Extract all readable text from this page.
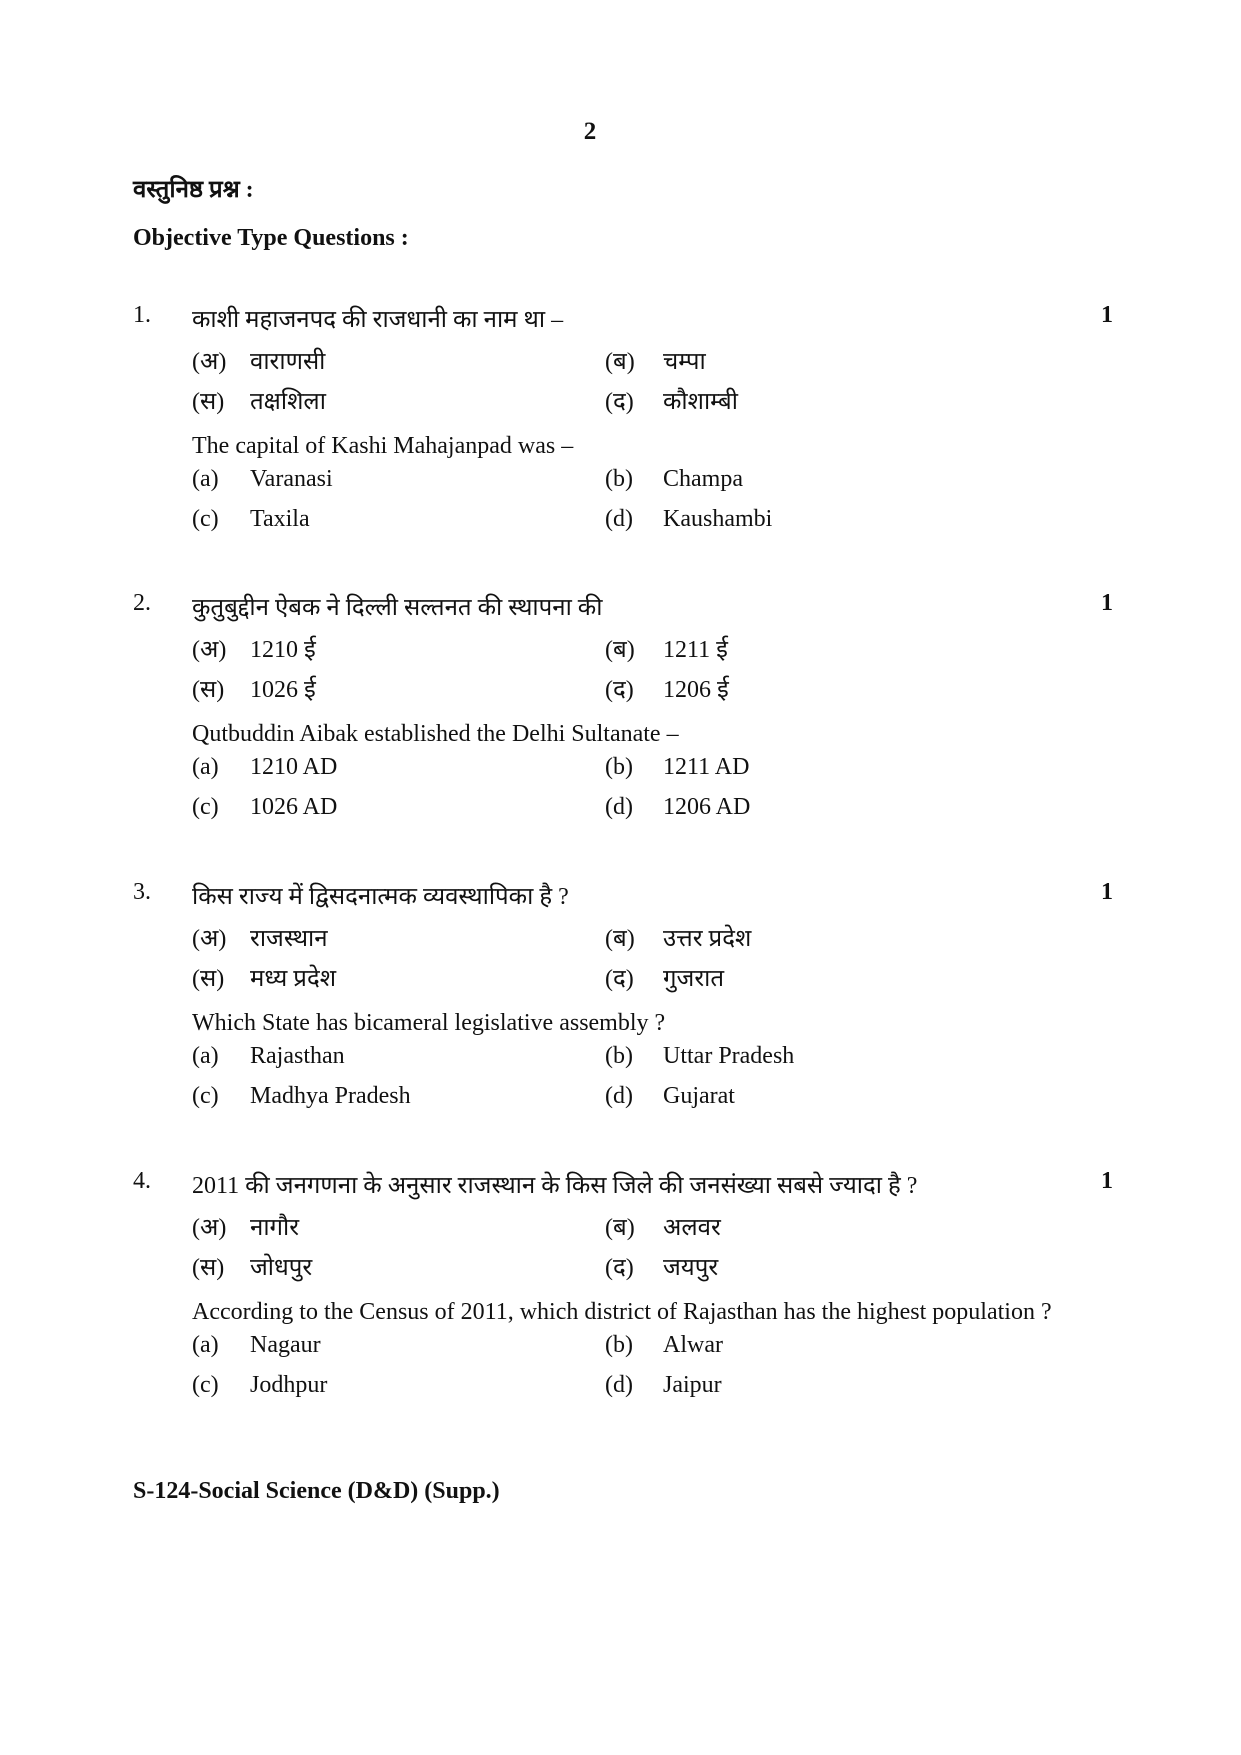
2
वस्तुनिष्ठ प्रश्न :
Objective Type Questions :
1. काशी महाजनपद की राजधानी का नाम था –	1
(अ) वाराणसी	(ब) चम्पा
(स) तक्षशिला	(द) कौशाम्बी
The capital of Kashi Mahajanpad was –
(a) Varanasi	(b) Champa
(c) Taxila	(d) Kaushambi
2. कुतुबुद्दीन ऐबक ने दिल्ली सल्तनत की स्थापना की	1
(अ) 1210 ई	(ब) 1211 ई
(स) 1026 ई	(द) 1206 ई
Qutbuddin Aibak established the Delhi Sultanate –
(a) 1210 AD	(b) 1211 AD
(c) 1026 AD	(d) 1206 AD
3. किस राज्य में द्विसदनात्मक व्यवस्थापिका है ?	1
(अ) राजस्थान	(ब) उत्तर प्रदेश
(स) मध्य प्रदेश	(द) गुजरात
Which State has bicameral legislative assembly ?
(a) Rajasthan	(b) Uttar Pradesh
(c) Madhya Pradesh	(d) Gujarat
4. 2011 की जनगणना के अनुसार राजस्थान के किस जिले की जनसंख्या सबसे ज्यादा है ?	1
(अ) नागौर	(ब) अलवर
(स) जोधपुर	(द) जयपुर
According to the Census of 2011, which district of Rajasthan has the highest population ?
(a) Nagaur	(b) Alwar
(c) Jodhpur	(d) Jaipur
S-124-Social Science (D&D) (Supp.)
